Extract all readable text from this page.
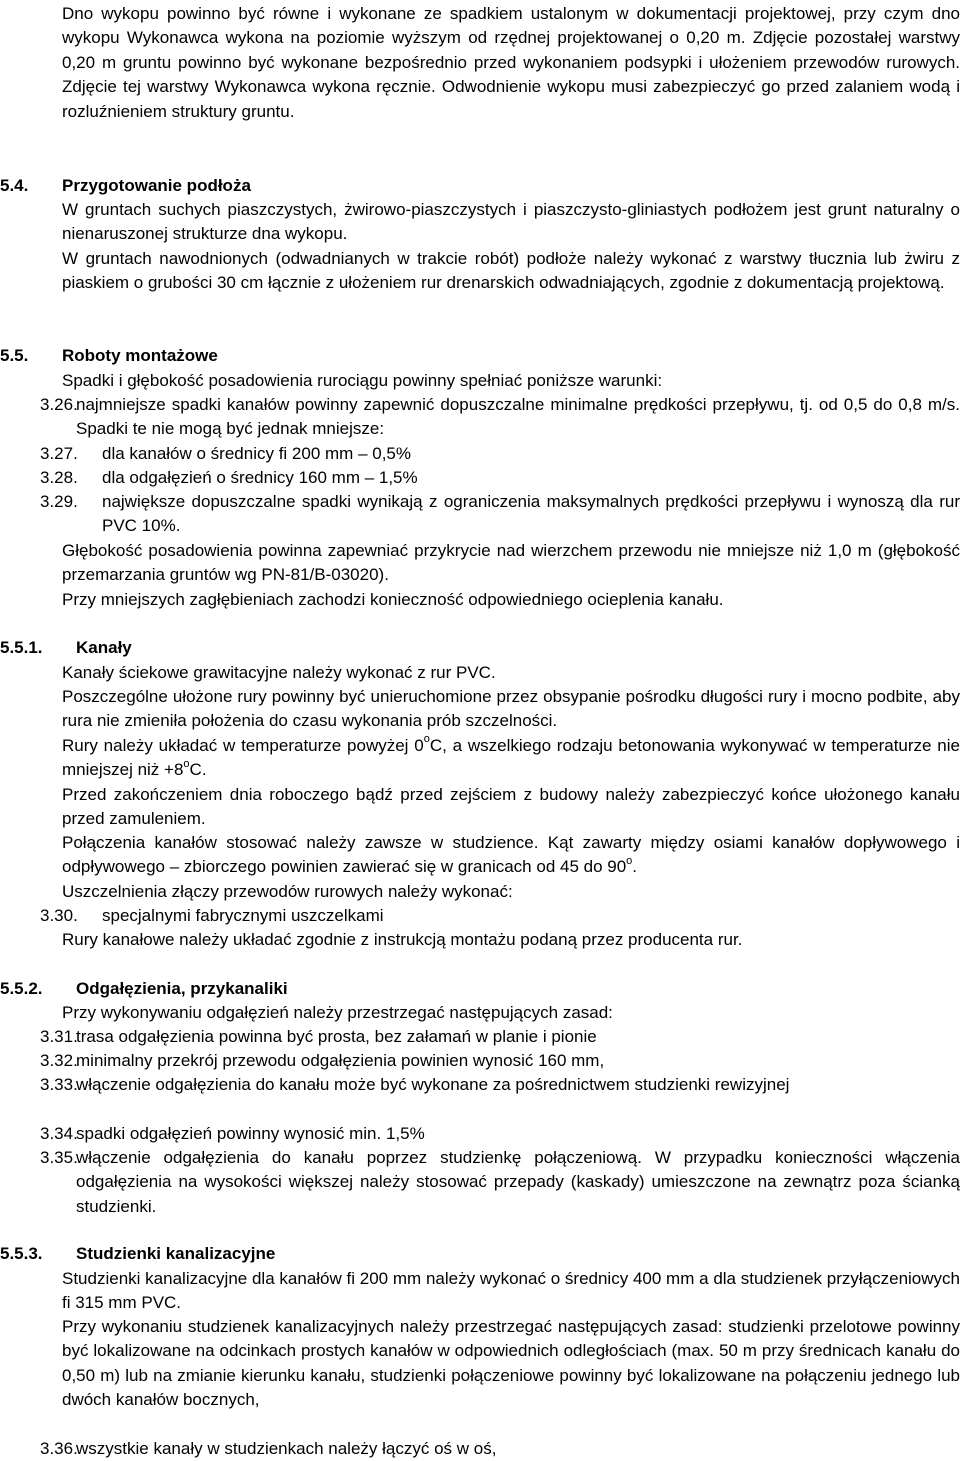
Dno wykopu powinno być równe i wykonane ze spadkiem ustalonym w dokumentacji projektowej, przy czym dno wykopu Wykonawca wykona na poziomie wyższym od rzędnej projektowanej o 0,20 m. Zdjęcie pozostałej warstwy 0,20 m gruntu powinno być wykonane bezpośrednio przed wykonaniem podsypki i ułożeniem przewodów rurowych. Zdjęcie tej warstwy Wykonawca wykona ręcznie. Odwodnienie wykopu musi zabezpieczyć go przed zalaniem wodą i rozluźnieniem struktury gruntu.

5.4. Przygotowanie podłoża

W gruntach suchych piaszczystych, żwirowo-piaszczystych i piaszczysto-gliniastych podłożem jest grunt naturalny o nienaruszonej strukturze dna wykopu.

W gruntach nawodnionych (odwadnianych w trakcie robót) podłoże należy wykonać z warstwy tłucznia lub żwiru z piaskiem o grubości 30 cm łącznie z ułożeniem rur drenarskich odwadniających, zgodnie z dokumentacją projektową.

5.5. Roboty montażowe

Spadki i głębokość posadowienia rurociągu powinny spełniać poniższe warunki:

3.26.
najmniejsze spadki kanałów powinny zapewnić dopuszczalne minimalne prędkości przepływu, tj. od 0,5 do 0,8 m/s. Spadki te nie mogą być jednak mniejsze:
3.27. dla kanałów o średnicy fi 200 mm – 0,5%
3.28. dla odgałęzień o średnicy 160 mm – 1,5%
3.29. największe dopuszczalne spadki wynikają z ograniczenia maksymalnych prędkości przepływu i wynoszą dla rur PVC 10%.

Głębokość posadowienia powinna zapewniać przykrycie nad wierzchem przewodu nie mniejsze niż 1,0 m (głębokość przemarzania gruntów wg PN-81/B-03020).

Przy mniejszych zagłębieniach zachodzi konieczność odpowiedniego ocieplenia kanału.

5.5.1. Kanały

Kanały ściekowe grawitacyjne należy wykonać z rur PVC.

Poszczególne ułożone rury powinny być unieruchomione przez obsypanie pośrodku długości rury i mocno podbite, aby rura nie zmieniła położenia do czasu wykonania prób szczelności.

Rury należy układać w temperaturze powyżej 0$^o$C, a wszelkiego rodzaju betonowania wykonywać w temperaturze nie mniejszej niż $+8^oC$.

Przed zakończeniem dnia roboczego bądź przed zejściem z budowy należy zabezpieczyć końce ułożonego kanału przed zamuleniem.

Połączenia kanałów stosować należy zawsze w studzience. Kąt zawarty między osiami kanałów dopływowego i odpływowego – zbiorczego powinien zawierać się w granicach od 45 do 90$^o$.

Uszczelnienia złączy przewodów rurowych należy wykonać:

3.30. specjalnymi fabrycznymi uszczelkami

Rury kanałowe należy układać zgodnie z instrukcją montażu podaną przez producenta rur.

5.5.2. Odgałęzienia, przykanaliki

Przy wykonywaniu odgałęzień należy przestrzegać następujących zasad:

3.31.
trasa odgałęzienia powinna być prosta, bez załamań w planie i pionie
3.32.
minimalny przekrój przewodu odgałęzienia powinien wynosić 160 mm,
3.33.
włączenie odgałęzienia do kanału może być wykonane za pośrednictwem studzienki rewizyjnej
3.34.
spadki odgałęzień powinny wynosić min. 1,5%
3.35.
włączenie odgałęzienia do kanału poprzez studzienkę połączeniową. W przypadku konieczności włączenia odgałęzienia na wysokości większej należy stosować przepady (kaskady) umieszczone na zewnątrz poza ścianką studzienki.
5.5.3. Studzienki kanalizacyjne

Studzienki kanalizacyjne dla kanałów fi 200 mm należy wykonać o średnicy 400 mm a dla studzienek przyłączeniowych fi 315 mm PVC.

Przy wykonaniu studzienek kanalizacyjnych należy przestrzegać następujących zasad: studzienki przelotowe powinny być lokalizowane na odcinkach prostych kanałów w odpowiednich odległościach (max. 50 m przy średnicach kanału do 0,50 m) lub na zmianie kierunku kanału, studzienki połączeniowe powinny być lokalizowane na połączeniu jednego lub dwóch kanałów bocznych,

3.36.
wszystkie kanały w studzienkach należy łączyć oś w oś,
